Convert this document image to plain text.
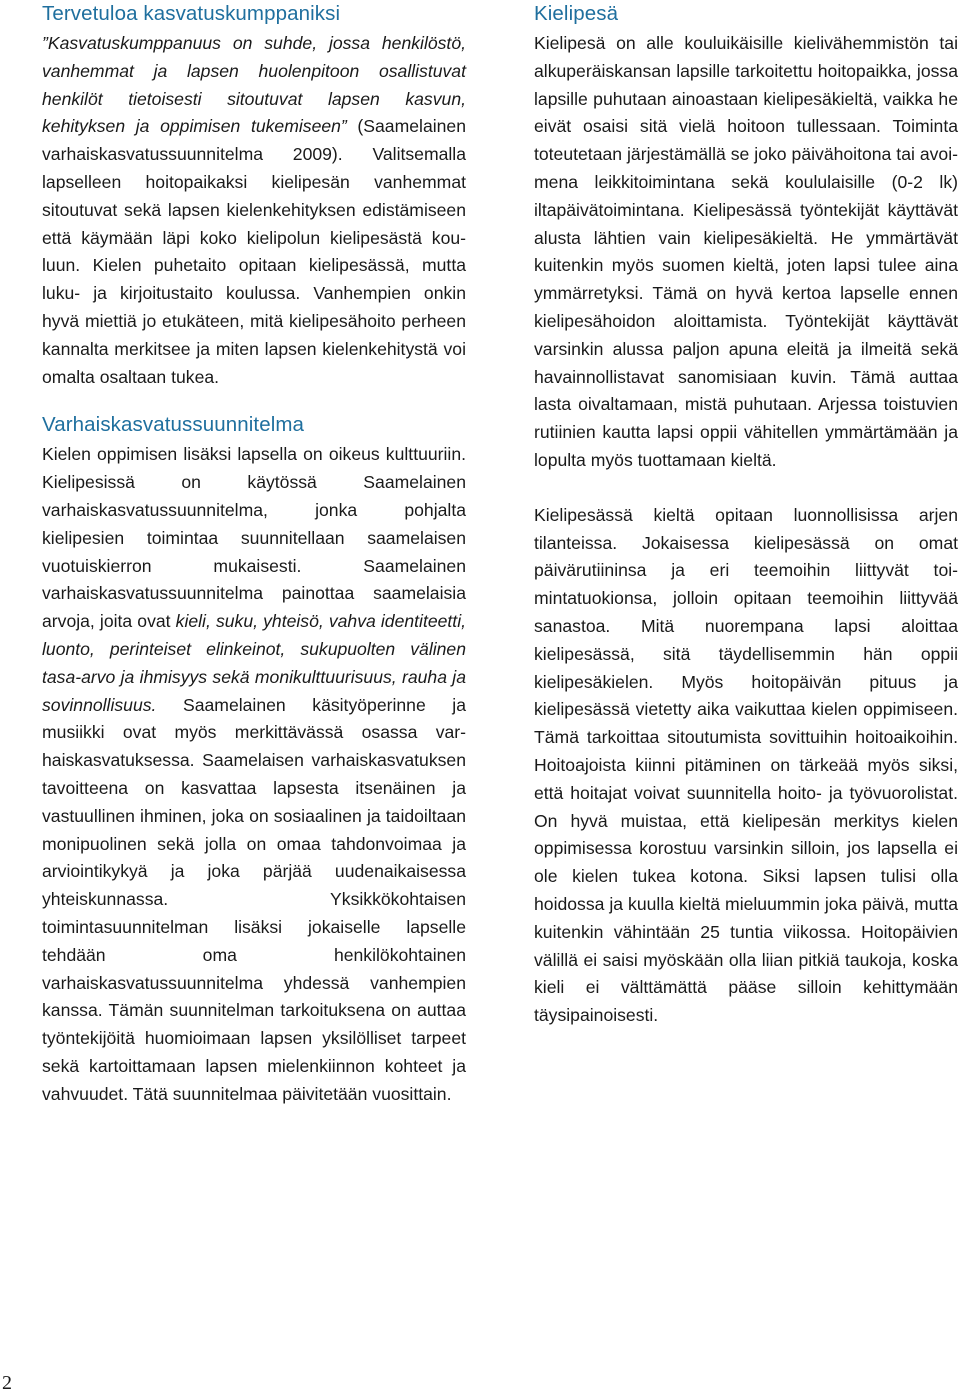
Tervetuloa kasvatuskumppaniksi

”Kasvatuskumppanuus on suhde, jossa henkilöstö, vanhemmat ja lapsen huolenpitoon osallistuvat henkilöt tietoisesti sitoutuvat lapsen kasvun, kehityksen ja oppimisen tukemiseen” (Saamelainen varhaiskasvatussuunnitelma 2009). Valitsemalla lapselleen hoitopaikaksi kielipesän vanhemmat sitoutuvat sekä lapsen kielenkehityksen edistämiseen että käymään läpi koko kielipolun kielipesästä kouluun. Kielen puhetaito opitaan kielipesässä, mutta luku- ja kirjoitustaito koulussa. Vanhempien onkin hyvä miettiä jo etukäteen, mitä kielipesähoito perheen kannalta merkitsee ja miten lapsen kielenkehitystä voi omalta osaltaan tukea.

Varhaiskasvatussuunnitelma

Kielen oppimisen lisäksi lapsella on oikeus kulttuuriin. Kielipesissä on käytössä Saamelainen varhaiskasvatussuunnitelma, jonka pohjalta kielipesien toimintaa suunnitellaan saamelaisen vuotuiskierron mukaisesti. Saamelainen varhaiskasvatussuunnitelma painottaa saamelaisia arvoja, joita ovat kieli, suku, yhteisö, vahva identiteetti, luonto, perinteiset elinkeinot, sukupuolten välinen tasa-arvo ja ihmisyys sekä monikulttuurisuus, rauha ja sovinnollisuus. Saamelainen käsityöperinne ja musiikki ovat myös merkittävässä osassa varhaiskasvatuksessa. Saamelaisen varhaiskasvatuksen tavoitteena on kasvattaa lapsesta itsenäinen ja vastuullinen ihminen, joka on sosiaalinen ja taidoiltaan monipuolinen sekä jolla on omaa tahdonvoimaa ja arviointikykyä ja joka pärjää uudenaikaisessa yhteiskunnassa. Yksikkökohtaisen toimintasuunnitelman lisäksi jokaiselle lapselle tehdään oma henkilökohtainen varhaiskasvatussuunnitelma yhdessä vanhempien kanssa. Tämän suunnitelman tarkoituksena on auttaa työntekijöitä huomioimaan lapsen yksilölliset tarpeet sekä kartoittamaan lapsen mielenkiinnon kohteet ja vahvuudet. Tätä suunnitelmaa päivitetään vuosittain.

Kielipesä

Kielipesä on alle kouluikäisille kielivähemmistön tai alkuperäiskansan lapsille tarkoitettu hoitopaikka, jossa lapsille puhutaan ainoastaan kielipesäkieltä, vaikka he eivät osaisi sitä vielä hoitoon tullessaan. Toiminta toteutetaan järjestämällä se joko päivähoitona tai avoimena leikkitoimintana sekä koululaisille (0-2 lk) iltapäivätoimintana. Kielipesässä työntekijät käyttävät alusta lähtien vain kielipesäkieltä. He ymmärtävät kuitenkin myös suomen kieltä, joten lapsi tulee aina ymmärretyksi. Tämä on hyvä kertoa lapselle ennen kielipesähoidon aloittamista. Työntekijät käyttävät varsinkin alussa paljon apuna eleitä ja ilmeitä sekä havainnollistavat sanomisiaan kuvin. Tämä auttaa lasta oivaltamaan, mistä puhutaan. Arjessa toistuvien rutiinien kautta lapsi oppii vähitellen ymmärtämään ja lopulta myös tuottamaan kieltä.

Kielipesässä kieltä opitaan luonnollisissa arjen tilanteissa. Jokaisessa kielipesässä on omat päivärutiininsa ja eri teemoihin liittyvät toimintatuokionsa, jolloin opitaan teemoihin liittyvää sanastoa. Mitä nuorempana lapsi aloittaa kielipesässä, sitä täydellisemmin hän oppii kielipesäkielen. Myös hoitopäivän pituus ja kielipesässä vietetty aika vaikuttaa kielen oppimiseen. Tämä tarkoittaa sitoutumista sovittuihin hoitoaikoihin. Hoitoajoista kiinni pitäminen on tärkeää myös siksi, että hoitajat voivat suunnitella hoito- ja työvuorolistat. On hyvä muistaa, että kielipesän merkitys kielen oppimisessa korostuu varsinkin silloin, jos lapsella ei ole kielen tukea kotona. Siksi lapsen tulisi olla hoidossa ja kuulla kieltä mieluummin joka päivä, mutta kuitenkin vähintään 25 tuntia viikossa. Hoitopäivien välillä ei saisi myöskään olla liian pitkiä taukoja, koska kieli ei välttämättä pääse silloin kehittymään täysipainoisesti.

2
